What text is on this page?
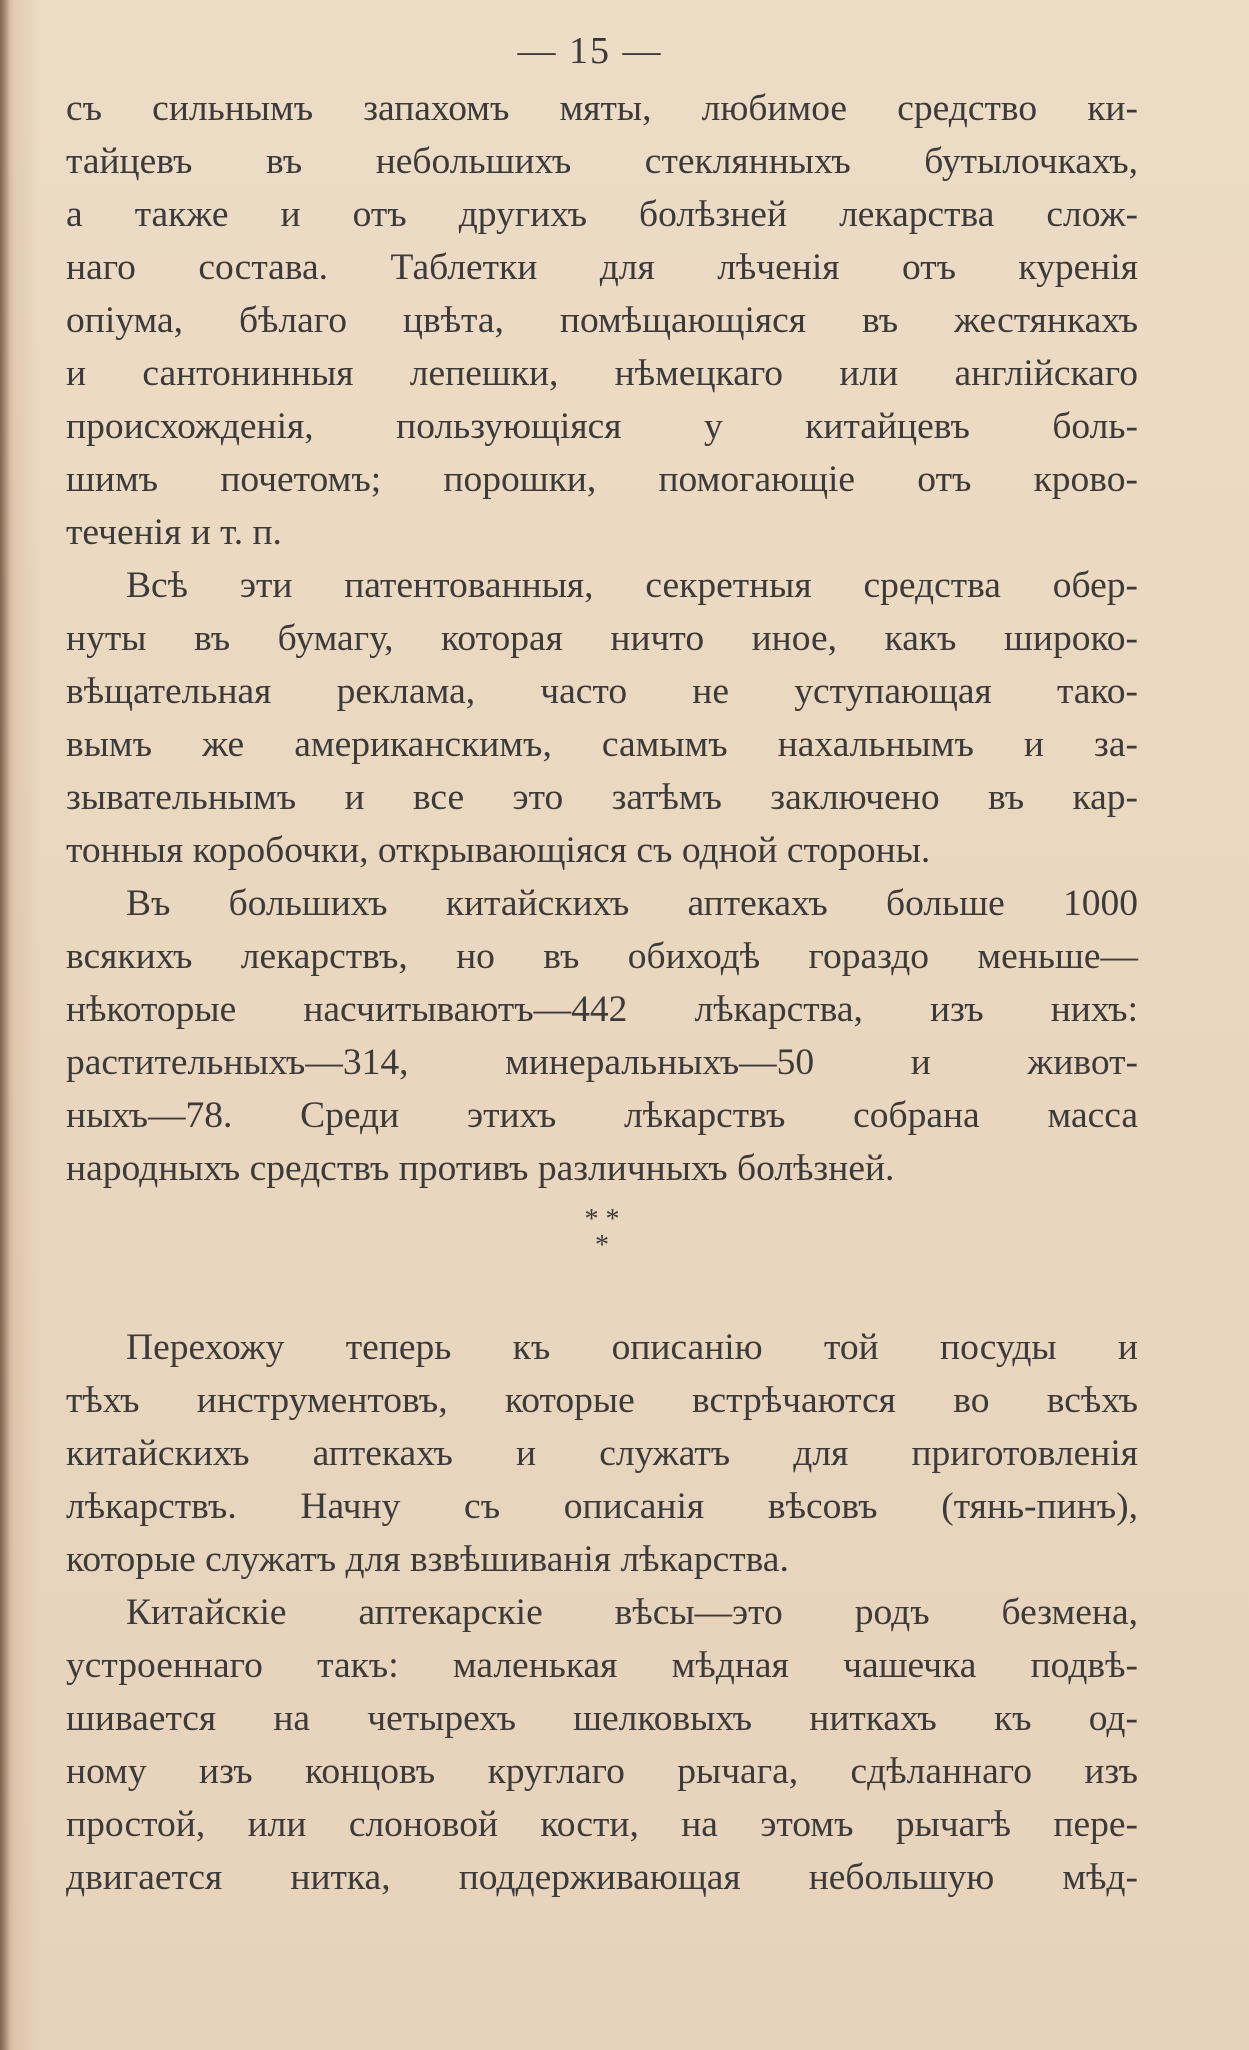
— 15 —

съ сильнымъ запахомъ мяты, любимое средство ки-
тайцевъ въ небольшихъ стеклянныхъ бутылочкахъ,
а также и отъ другихъ болѣзней лекарства слож-
наго состава. Таблетки для лѣченія отъ куренія
опіума, бѣлаго цвѣта, помѣщающіяся въ жестянкахъ
и сантонинныя лепешки, нѣмецкаго или англійскаго
происхожденія, пользующіяся у китайцевъ боль-
шимъ почетомъ; порошки, помогающіе отъ крово-
теченія и т. п.

Всѣ эти патентованныя, секретныя средства обер-
нуты въ бумагу, которая ничто иное, какъ широко-
вѣщательная реклама, часто не уступающая тако-
вымъ же американскимъ, самымъ нахальнымъ и за-
зывательнымъ и все это затѣмъ заключено въ кар-
тонныя коробочки, открывающіяся съ одной стороны.

Въ большихъ китайскихъ аптекахъ больше 1000
всякихъ лекарствъ, но въ обиходѣ гораздо меньше—
нѣкоторые насчитываютъ—442 лѣкарства, изъ нихъ:
растительныхъ—314, минеральныхъ—50 и живот-
ныхъ—78. Среди этихъ лѣкарствъ собрана масса
народныхъ средствъ противъ различныхъ болѣзней.

* *
*

Перехожу теперь къ описанію той посуды и
тѣхъ инструментовъ, которые встрѣчаются во всѣхъ
китайскихъ аптекахъ и служатъ для приготовленія
лѣкарствъ. Начну съ описанія вѣсовъ (тянь-пинъ),
которые служатъ для взвѣшиванія лѣкарства.

Китайскіе аптекарскіе вѣсы—это родъ безмена,
устроеннаго такъ: маленькая мѣдная чашечка подвѣ-
шивается на четырехъ шелковыхъ ниткахъ къ од-
ному изъ концовъ круглаго рычага, сдѣланнаго изъ
простой, или слоновой кости, на этомъ рычагѣ пере-
двигается нитка, поддерживающая небольшую мѣд-
